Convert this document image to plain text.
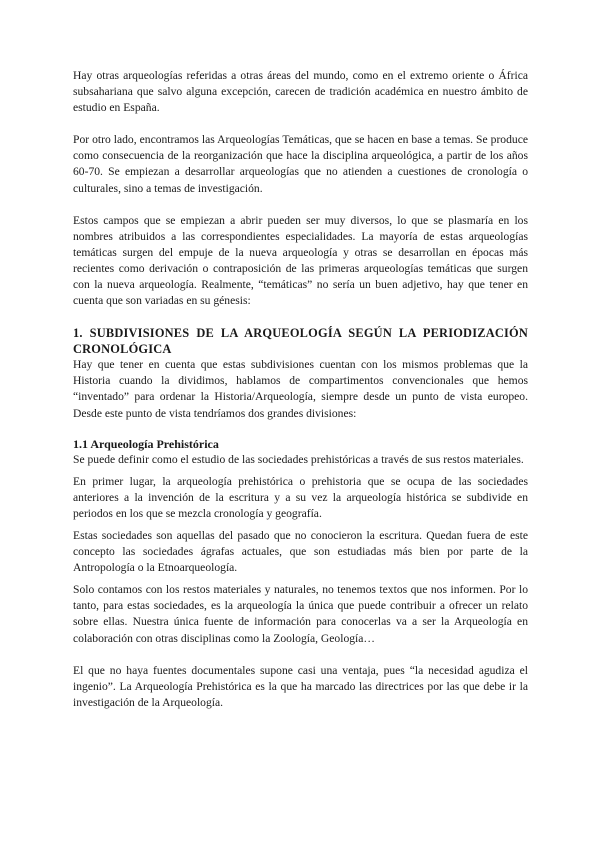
Hay otras arqueologías referidas a otras áreas del mundo, como en el extremo oriente o África subsahariana que salvo alguna excepción, carecen de tradición académica en nuestro ámbito de estudio en España.

Por otro lado, encontramos las Arqueologías Temáticas, que se hacen en base a temas. Se produce como consecuencia de la reorganización que hace la disciplina arqueológica, a partir de los años 60-70. Se empiezan a desarrollar arqueologías que no atienden a cuestiones de cronología o culturales, sino a temas de investigación.

Estos campos que se empiezan a abrir pueden ser muy diversos, lo que se plasmaría en los nombres atribuidos a las correspondientes especialidades. La mayoría de estas arqueologías temáticas surgen del empuje de la nueva arqueología y otras se desarrollan en épocas más recientes como derivación o contraposición de las primeras arqueologías temáticas que surgen con la nueva arqueología. Realmente, “temáticas” no sería un buen adjetivo, hay que tener en cuenta que son variadas en su génesis:

1. SUBDIVISIONES DE LA ARQUEOLOGÍA SEGÚN LA PERIODIZACIÓN CRONOLÓGICA

Hay que tener en cuenta que estas subdivisiones cuentan con los mismos problemas que la Historia cuando la dividimos, hablamos de compartimentos convencionales que hemos “inventado” para ordenar la Historia/Arqueología, siempre desde un punto de vista europeo. Desde este punto de vista tendríamos dos grandes divisiones:

1.1 Arqueología Prehistórica

Se puede definir como el estudio de las sociedades prehistóricas a través de sus restos materiales.

En primer lugar, la arqueología prehistórica o prehistoria que se ocupa de las sociedades anteriores a la invención de la escritura y a su vez la arqueología histórica se subdivide en periodos en los que se mezcla cronología y geografía.

Estas sociedades son aquellas del pasado que no conocieron la escritura. Quedan fuera de este concepto las sociedades ágrafas actuales, que son estudiadas más bien por parte de la Antropología o la Etnoarqueología.

Solo contamos con los restos materiales y naturales, no tenemos textos que nos informen. Por lo tanto, para estas sociedades, es la arqueología la única que puede contribuir a ofrecer un relato sobre ellas. Nuestra única fuente de información para conocerlas va a ser la Arqueología en colaboración con otras disciplinas como la Zoología, Geología…

El que no haya fuentes documentales supone casi una ventaja, pues “la necesidad agudiza el ingenio”. La Arqueología Prehistórica es la que ha marcado las directrices por las que debe ir la investigación de la Arqueología.
